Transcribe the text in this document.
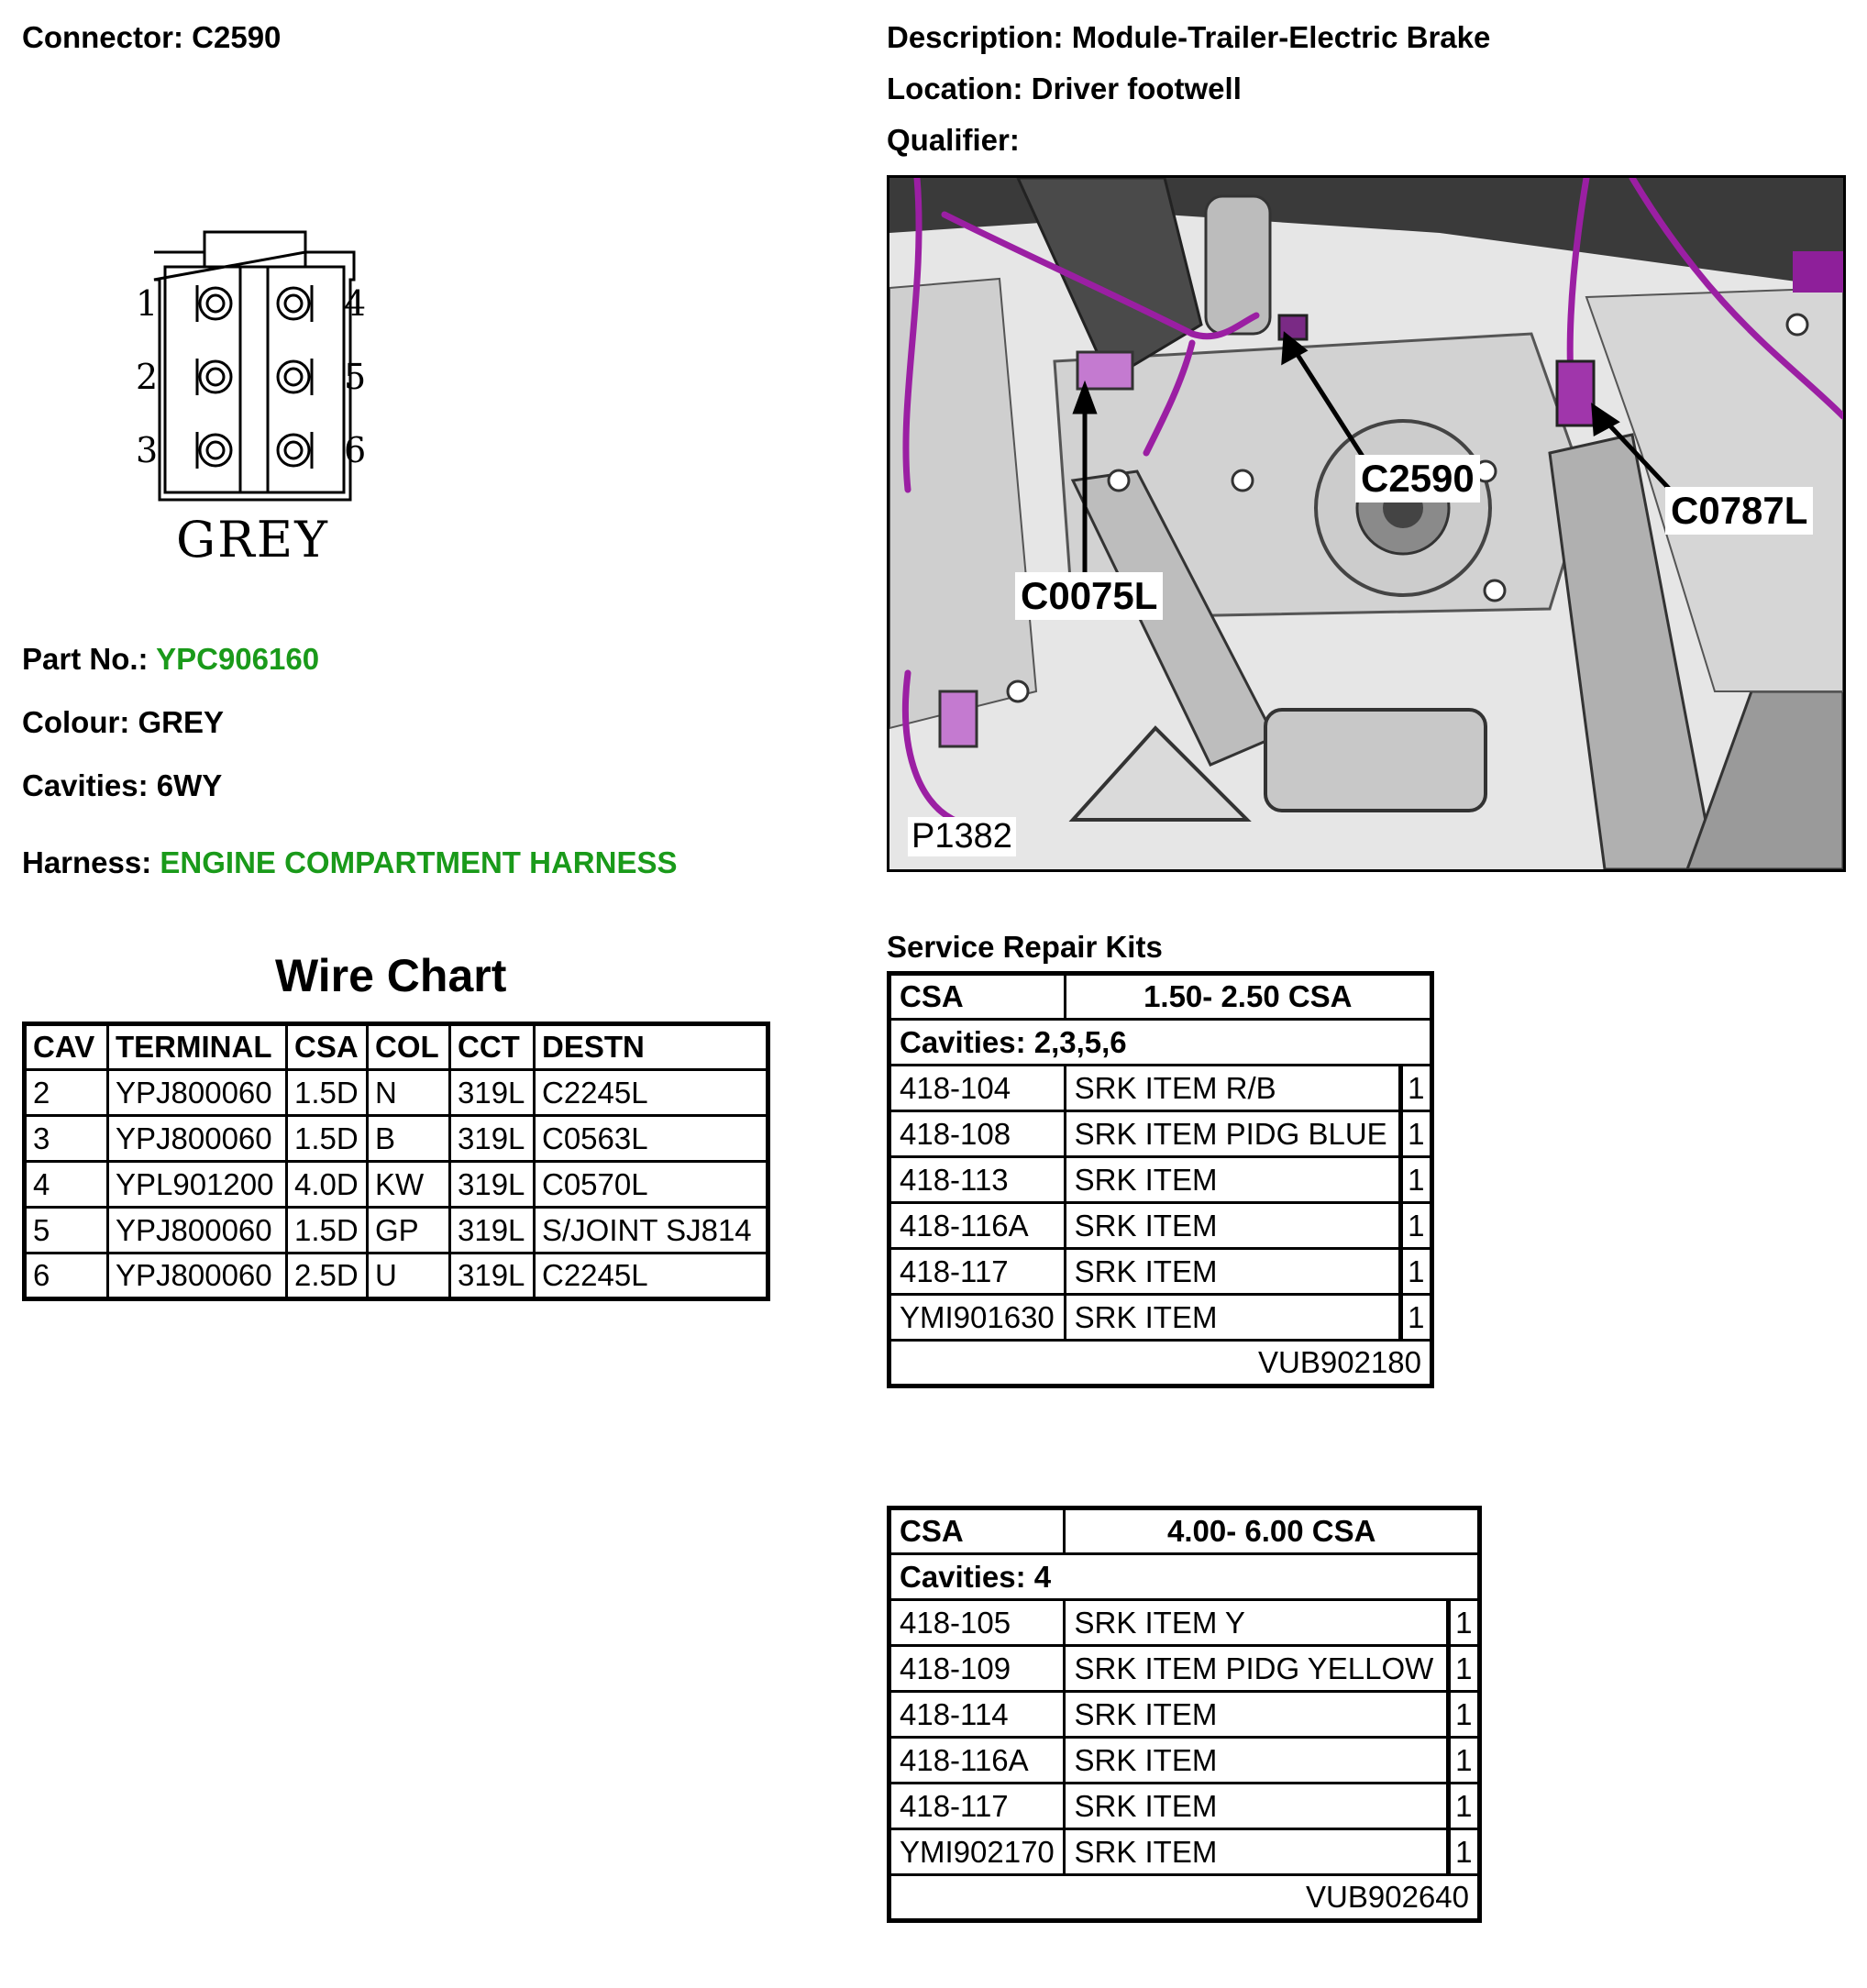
Connector: C2590	Description: Module-Trailer-Electric Brake
Location: Driver footwell
Qualifier:
1
2
3
4
5
6
GREY
Part No.: YPC906160
Colour: GREY
Cavities: 6WY
Harness: ENGINE COMPARTMENT HARNESS
C0075L
C2590
C0787L
P1382
Wire Chart
CAV	TERMINAL	CSA	COL	CCT	DESTN
2	YPJ800060	1.5D	N	319L	C2245L
3	YPJ800060	1.5D	B	319L	C0563L
4	YPL901200	4.0D	KW	319L	C0570L
5	YPJ800060	1.5D	GP	319L	S/JOINT SJ814
6	YPJ800060	2.5D	U	319L	C2245L
Service Repair Kits
CSA	1.50- 2.50 CSA	
Cavities: 2,3,5,6		
418-104	SRK ITEM R/B	1
418-108	SRK ITEM PIDG BLUE	1
418-113	SRK ITEM	1
418-116A	SRK ITEM	1
418-117	SRK ITEM	1
YMI901630	SRK ITEM	1
VUB902180		
CSA	4.00- 6.00 CSA	
Cavities: 4		
418-105	SRK ITEM Y	1
418-109	SRK ITEM PIDG YELLOW	1
418-114	SRK ITEM	1
418-116A	SRK ITEM	1
418-117	SRK ITEM	1
YMI902170	SRK ITEM	1
VUB902640		
